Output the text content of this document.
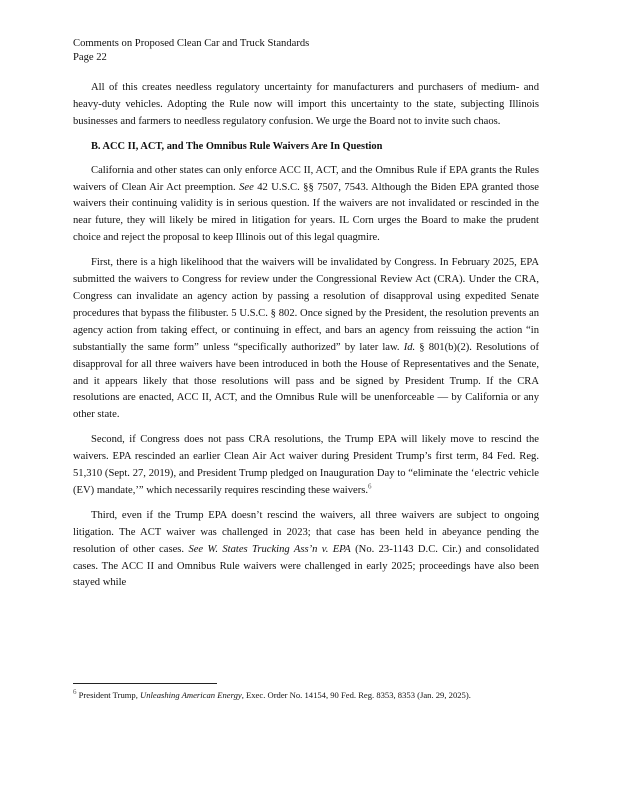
Comments on Proposed Clean Car and Truck Standards
Page 22

All of this creates needless regulatory uncertainty for manufacturers and purchasers of medium- and heavy-duty vehicles. Adopting the Rule now will import this uncertainty to the state, subjecting Illinois businesses and farmers to needless regulatory confusion. We urge the Board not to invite such chaos.

B. ACC II, ACT, and The Omnibus Rule Waivers Are In Question

California and other states can only enforce ACC II, ACT, and the Omnibus Rule if EPA grants the Rules waivers of Clean Air Act preemption. See 42 U.S.C. §§ 7507, 7543. Although the Biden EPA granted those waivers their continuing validity is in serious question. If the waivers are not invalidated or rescinded in the near future, they will likely be mired in litigation for years. IL Corn urges the Board to make the prudent choice and reject the proposal to keep Illinois out of this legal quagmire.

First, there is a high likelihood that the waivers will be invalidated by Congress. In February 2025, EPA submitted the waivers to Congress for review under the Congressional Review Act (CRA). Under the CRA, Congress can invalidate an agency action by passing a resolution of disapproval using expedited Senate procedures that bypass the filibuster. 5 U.S.C. § 802. Once signed by the President, the resolution prevents an agency action from taking effect, or continuing in effect, and bars an agency from reissuing the action “in substantially the same form” unless “specifically authorized” by later law. Id. § 801(b)(2). Resolutions of disapproval for all three waivers have been introduced in both the House of Representatives and the Senate, and it appears likely that those resolutions will pass and be signed by President Trump. If the CRA resolutions are enacted, ACC II, ACT, and the Omnibus Rule will be unenforceable — by California or any other state.

Second, if Congress does not pass CRA resolutions, the Trump EPA will likely move to rescind the waivers. EPA rescinded an earlier Clean Air Act waiver during President Trump’s first term, 84 Fed. Reg. 51,310 (Sept. 27, 2019), and President Trump pledged on Inauguration Day to “eliminate the ‘electric vehicle (EV) mandate,’” which necessarily requires rescinding these waivers.$^6$

Third, even if the Trump EPA doesn’t rescind the waivers, all three waivers are subject to ongoing litigation. The ACT waiver was challenged in 2023; that case has been held in abeyance pending the resolution of other cases. See W. States Trucking Ass’n v. EPA (No. 23-1143 D.C. Cir.) and consolidated cases. The ACC II and Omnibus Rule waivers were challenged in early 2025; proceedings have also been stayed while

$^6$ President Trump, Unleashing American Energy, Exec. Order No. 14154, 90 Fed. Reg. 8353, 8353 (Jan. 29, 2025).
